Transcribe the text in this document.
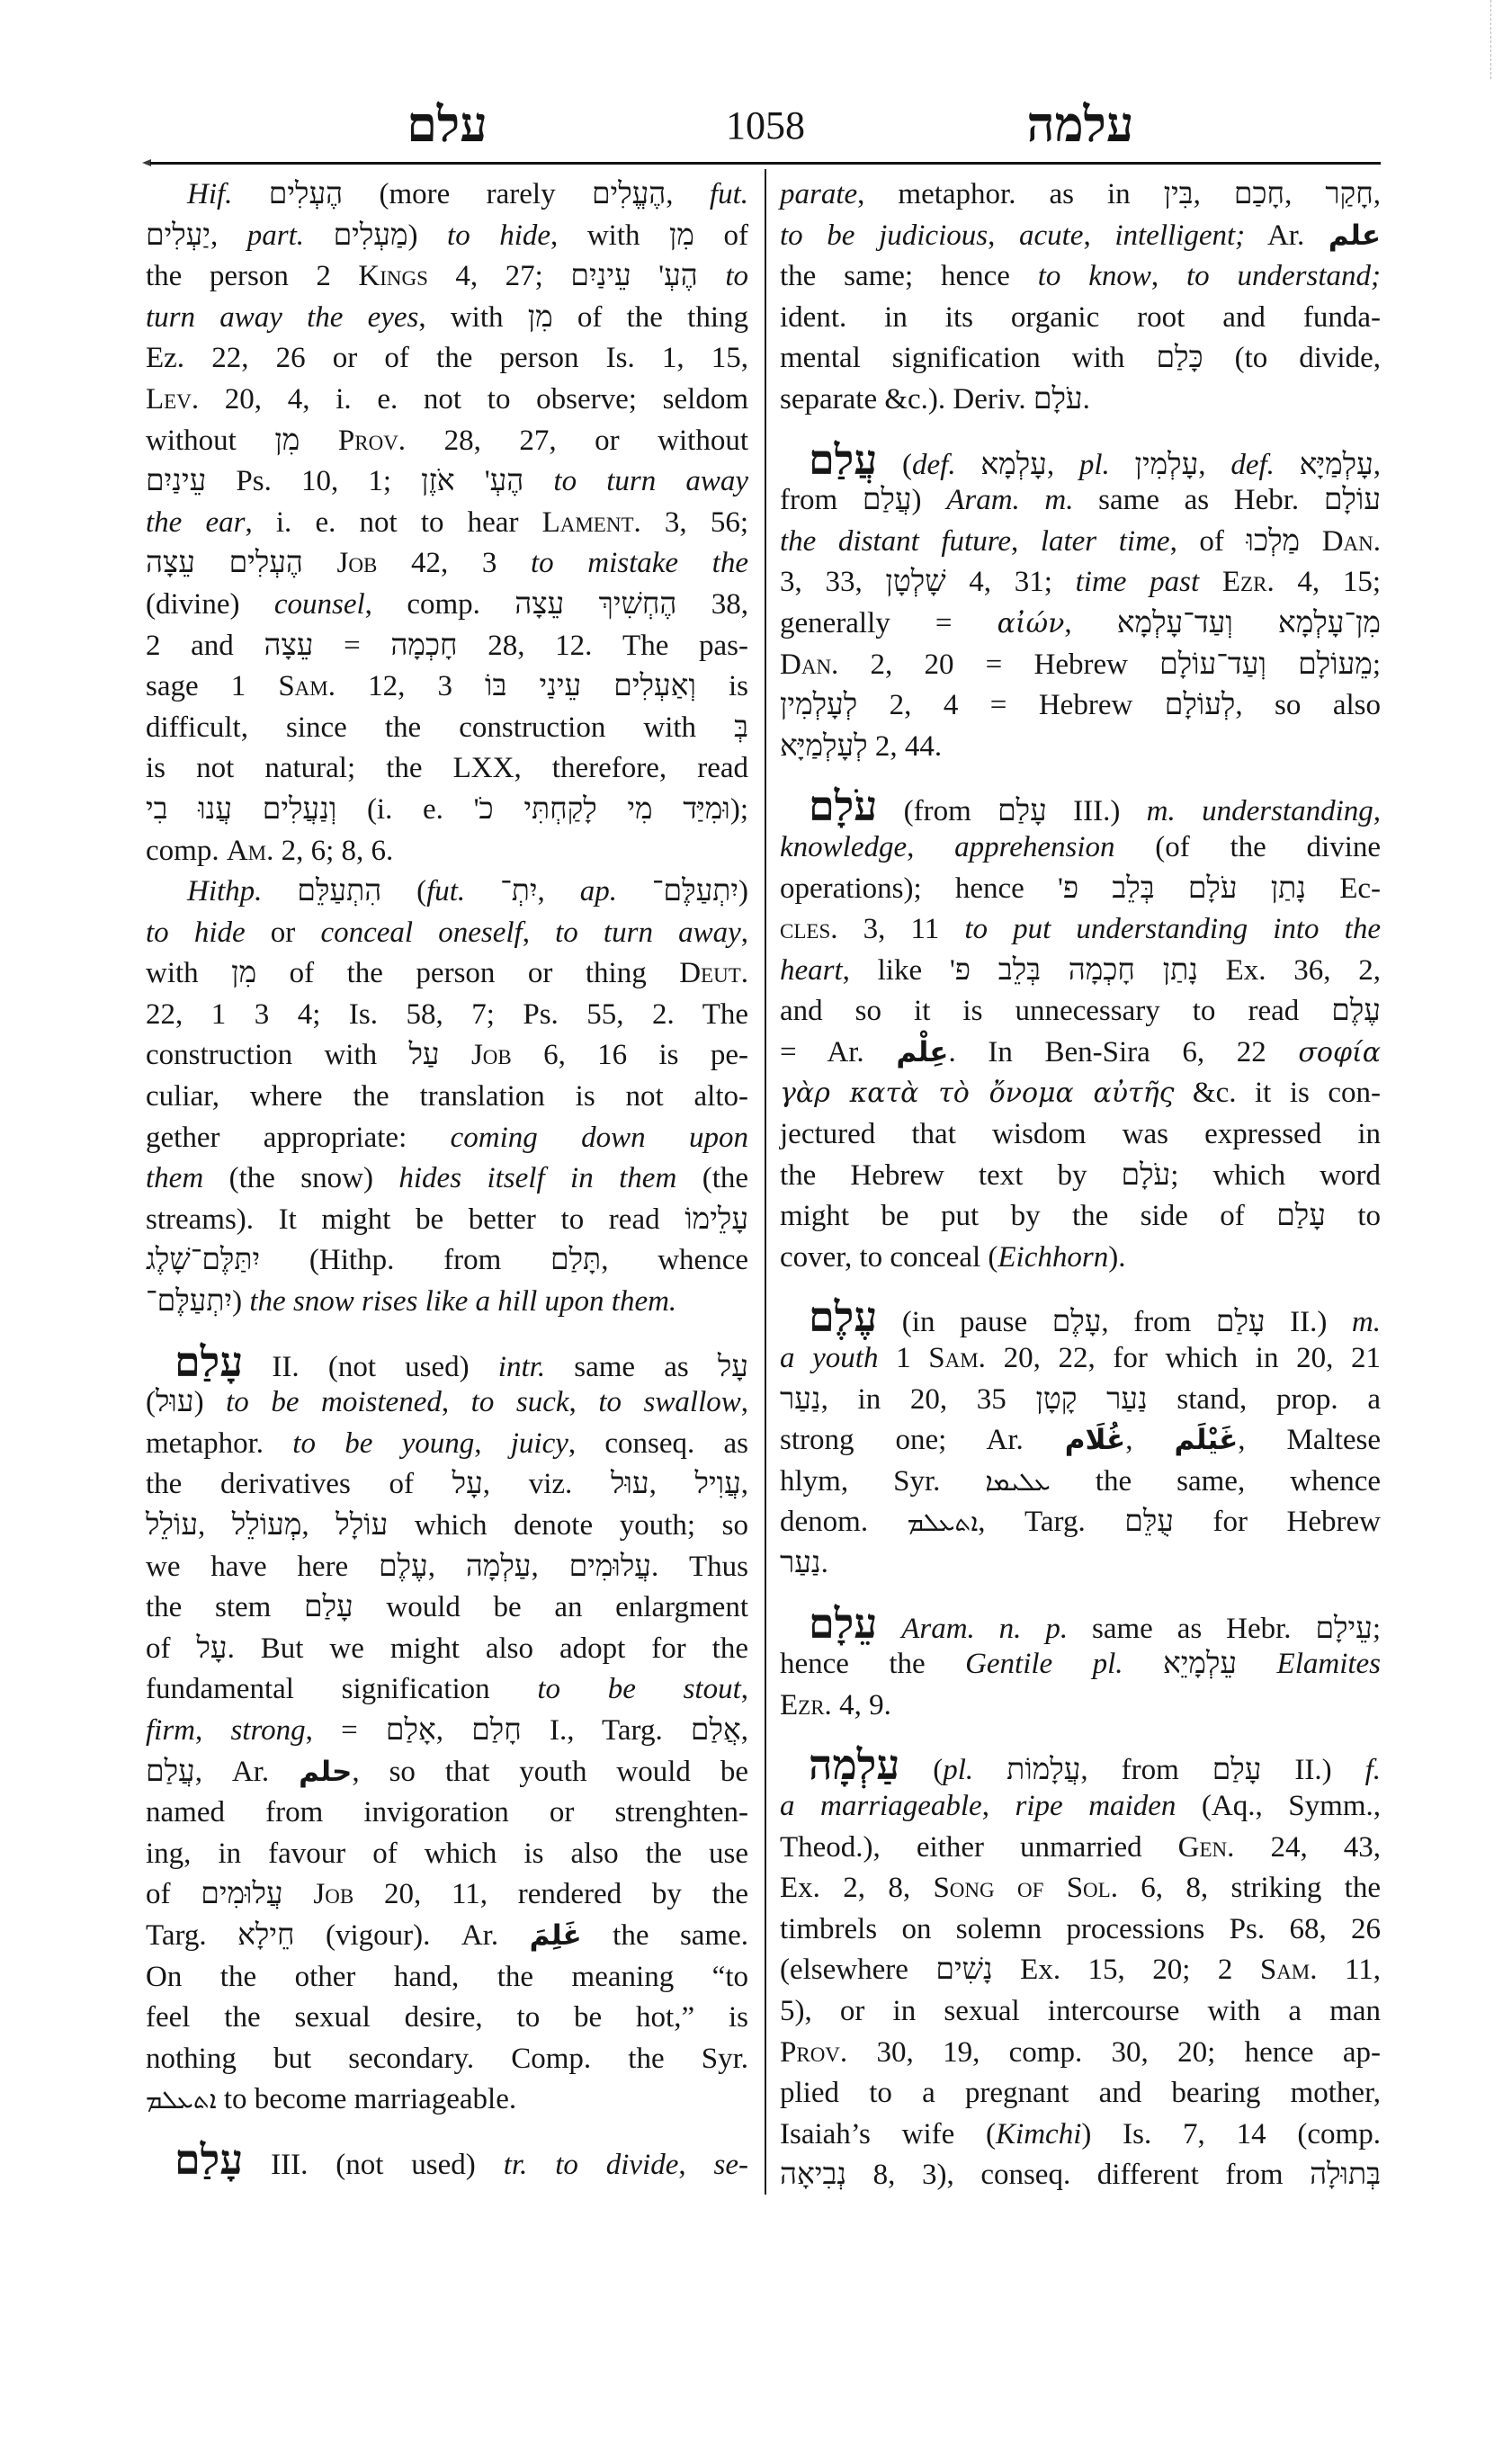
עלם	1058	עלמה
Hif. הֶעְלִים (more rarely הֶעֱלִים, fut.
יַעְלִים, part. מַעְלִים) to hide, with מִן of
the person 2 Kings 4, 27; הֶעְ' עֵינַיִם to
turn away the eyes, with מִן of the thing
Ez. 22, 26 or of the person Is. 1, 15,
Lev. 20, 4, i. e. not to observe; seldom
without מִן Prov. 28, 27, or without
עֵינַיִם Ps. 10, 1; הֶעְ' אֹזֶן to turn away
the ear, i. e. not to hear Lament. 3, 56;
הֶעְלִים עֵצָה Job 42, 3 to mistake the
(divine) counsel, comp. הֶחְשִׁיךְ עֵצָה 38,
2 and עֵצָה = חָכְמָה 28, 12. The pas-
sage 1 Sam. 12, 3 וְאַעְלִים עֵינַי בּוֹ is
difficult, since the construction with בְּ
is not natural; the LXX, therefore, read
וְנַעֲלִים עֲנוּ בִי (i. e. וּמִיַּד מִי לָקַחְתִּי כֹ');
comp. Am. 2, 6; 8, 6.
Hithp. הִתְעַלֵּם (fut. יִתְ־, ap. יִתְעַלֶּם־)
to hide or conceal oneself, to turn away,
with מִן of the person or thing Deut.
22, 1 3 4; Is. 58, 7; Ps. 55, 2. The
construction with עַל Job 6, 16 is pe-
culiar, where the translation is not alto-
gether appropriate: coming down upon
them (the snow) hides itself in them (the
streams). It might be better to read עָלֵימוֹ
יִתַּלֶּם־שָׁלֶג (Hithp. from תָּלַם, whence
יִתְעַלֶּם־) the snow rises like a hill upon them.
עָלַם II. (not used) intr. same as עָל
(עוּל) to be moistened, to suck, to swallow,
metaphor. to be young, juicy, conseq. as
the derivatives of עָל, viz. עוּל, עֲוִיל,
עוֹלֵל, מְעוֹלֵל, עוֹלָל which denote youth; so
we have here עֶלֶם, עַלְמָה, עֲלוּמִים. Thus
the stem עָלַם would be an enlargment
of עָל. But we might also adopt for the
fundamental signification to be stout,
firm, strong, = אָלַם, חָלַם I., Targ. אֲלַם,
עֲלַם, Ar. حلم, so that youth would be
named from invigoration or strenghten-
ing, in favour of which is also the use
of עֲלוּמִים Job 20, 11, rendered by the
Targ. חֵילָא (vigour). Ar. غَلِمَ the same.
On the other hand, the meaning “to
feel the sexual desire, to be hot,” is
nothing but secondary. Comp. the Syr.
ܐܬܥܠܡ to become marriageable.
עָלַם III. (not used) tr. to divide, se-
parate, metaphor. as in בִּין, חָכַם, חָקַר,
to be judicious, acute, intelligent; Ar. علم
the same; hence to know, to understand;
ident. in its organic root and funda-
mental signification with כָּלַם (to divide,
separate &c.). Deriv. עֹלָם.
עֲלַם (def. עָלְמָא, pl. עָלְמִין, def. עָלְמַיָּא,
from עֲלַם) Aram. m. same as Hebr. עוֹלָם
the distant future, later time, of מַלְכוּ Dan.
3, 33, שָׁלְטָן 4, 31; time past Ezr. 4, 15;
generally = αἰών, מִן־עָלְמָא וְעַד־עָלְמָא
Dan. 2, 20 = Hebrew מֵעוֹלָם וְעַד־עוֹלָם;
לְעָלְמִין 2, 4 = Hebrew לְעוֹלָם, so also
לְעָלְמַיָּא 2, 44.
עֹלָם (from עָלַם III.) m. understanding,
knowledge, apprehension (of the divine
operations); hence נָתַן עֹלָם בְּלֵב פ' Ec-
cles. 3, 11 to put understanding into the
heart, like נָתַן חָכְמָה בְּלֵב פ' Ex. 36, 2,
and so it is unnecessary to read עֶלֶם
= Ar. عِلْم. In Ben-Sira 6, 22 σοφία
γὰρ κατὰ τὸ ὄνομα αὐτῆς &c. it is con-
jectured that wisdom was expressed in
the Hebrew text by עֹלָם; which word
might be put by the side of עָלַם to
cover, to conceal (Eichhorn).
עֶלֶם (in pause עָלֶם, from עָלַם II.) m.
a youth 1 Sam. 20, 22, for which in 20, 21
נַעַר, in 20, 35 נַעַר קָטָן stand, prop. a
strong one; Ar. غُلَام, غَيْلَم, Maltese
hlym, Syr. ܥܠܝܡܐ the same, whence
denom. ܐܬܥܠܡ, Targ. עֻלֵּם for Hebrew
נַעַר.
עֵלָם Aram. n. p. same as Hebr. עֵילָם;
hence the Gentile pl. עֵלְמָיֵא Elamites
Ezr. 4, 9.
עַלְמָה (pl. עֲלָמוֹת, from עָלַם II.) f.
a marriageable, ripe maiden (Aq., Symm.,
Theod.), either unmarried Gen. 24, 43,
Ex. 2, 8, Song of Sol. 6, 8, striking the
timbrels on solemn processions Ps. 68, 26
(elsewhere נָשִׁים Ex. 15, 20; 2 Sam. 11,
5), or in sexual intercourse with a man
Prov. 30, 19, comp. 30, 20; hence ap-
plied to a pregnant and bearing mother,
Isaiah’s wife (Kimchi) Is. 7, 14 (comp.
נְבִיאָה 8, 3), conseq. different from בְּתוּלָה
